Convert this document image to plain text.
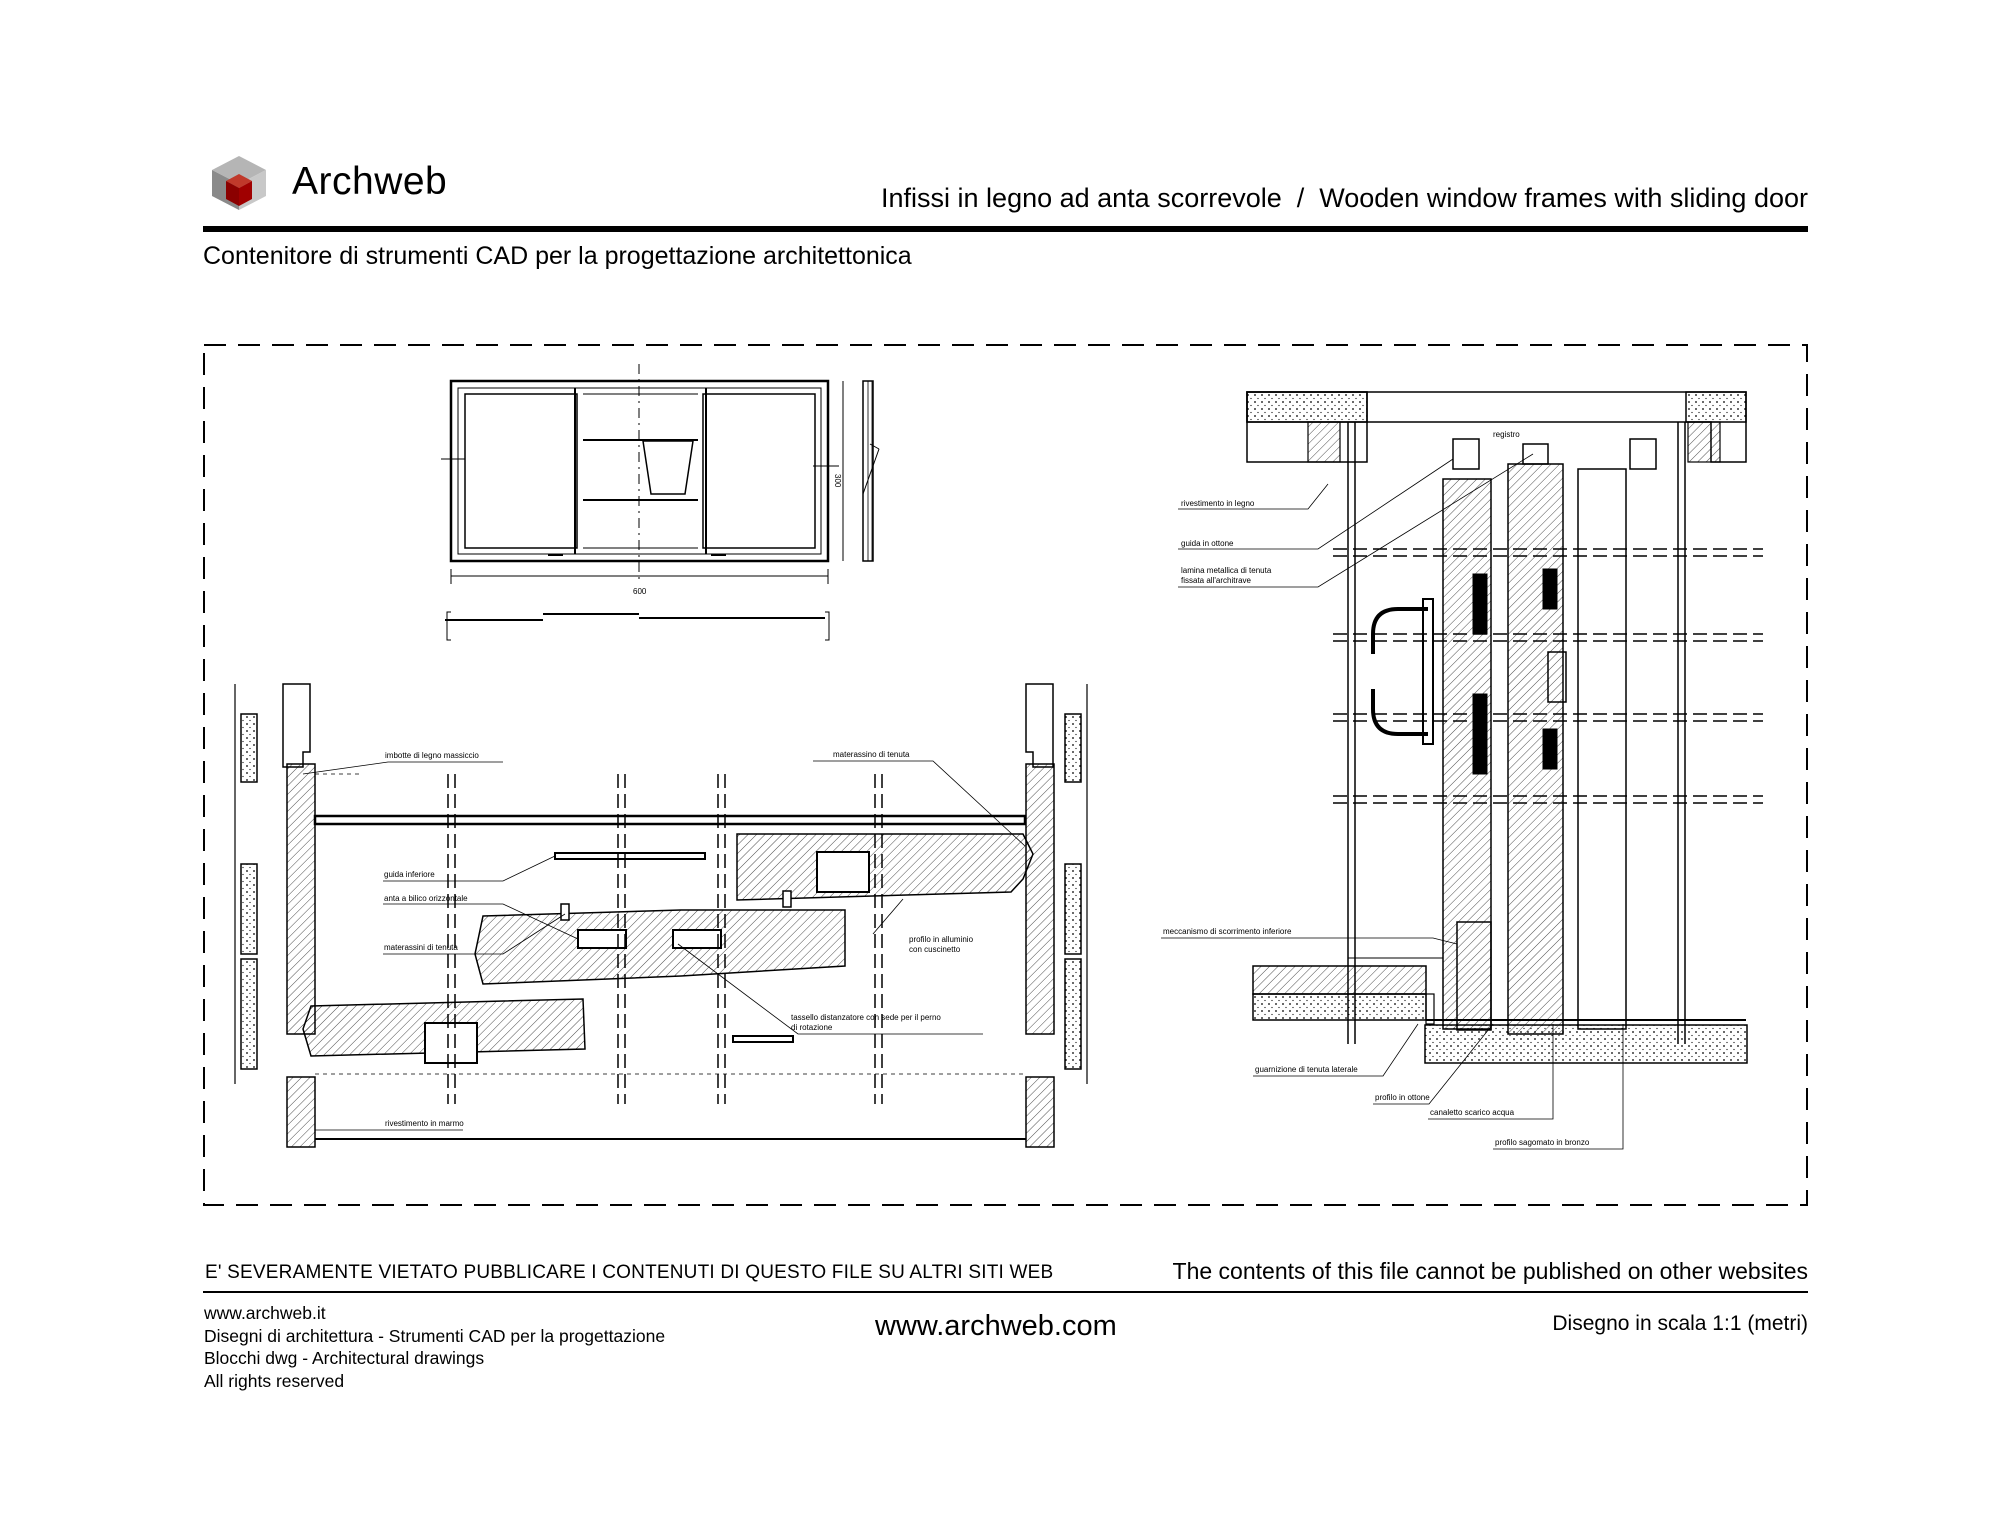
Archweb	Infissi in legno ad anta scorrevole  /  Wooden window frames with sliding door
Contenitore di strumenti CAD per la progettazione architettonica
600
300
imbotte di legno massiccio	materassino di tenuta
guida inferiore
anta a bilico orizzontale
materassini di tenuta
profilo in alluminio
con cuscinetto
tassello distanzatore con sede per il perno
di rotazione
rivestimento in marmo
registro
rivestimento in legno
guida in ottone
lamina metallica di tenuta
fissata all'architrave
meccanismo di scorrimento inferiore
guarnizione di tenuta laterale
profilo in ottone
canaletto scarico acqua
profilo sagomato in bronzo
E' SEVERAMENTE VIETATO PUBBLICARE I CONTENUTI DI QUESTO FILE SU ALTRI SITI WEB	The contents of this file cannot be published on other websites
www.archweb.it
Disegni di architettura - Strumenti CAD per la progettazione
Blocchi dwg - Architectural drawings
All rights reserved
www.archweb.com	Disegno in scala 1:1 (metri)
